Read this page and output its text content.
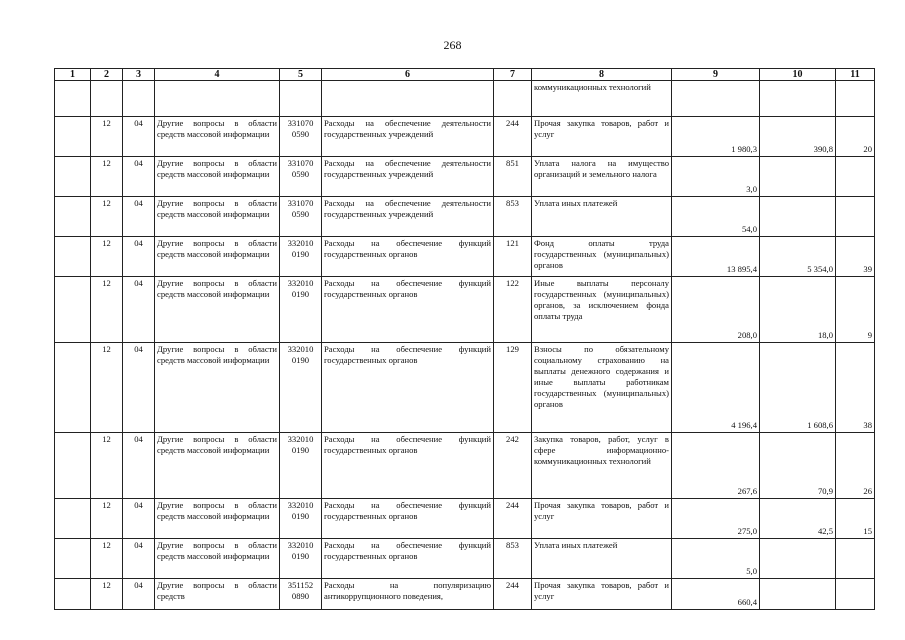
268
1	2	3	4	5	6	7	8	9	10	11
							коммуникационных технологий			
	12	04	Другие вопросы в области средств массовой информации	331070 0590	Расходы на обеспечение деятельности государственных учреждений	244	Прочая закупка товаров, работ и услуг	1 980,3	390,8	20
	12	04	Другие вопросы в области средств массовой информации	331070 0590	Расходы на обеспечение деятельности государственных учреждений	851	Уплата налога на имущество организаций и земельного налога	3,0		
	12	04	Другие вопросы в области средств массовой информации	331070 0590	Расходы на обеспечение деятельности государственных учреждений	853	Уплата иных платежей	54,0		
	12	04	Другие вопросы в области средств массовой информации	332010 0190	Расходы на обеспечение функций государственных органов	121	Фонд оплаты труда государственных (муниципальных) органов	13 895,4	5 354,0	39
	12	04	Другие вопросы в области средств массовой информации	332010 0190	Расходы на обеспечение функций государственных органов	122	Иные выплаты персоналу государственных (муниципальных) органов, за исключением фонда оплаты труда	208,0	18,0	9
	12	04	Другие вопросы в области средств массовой информации	332010 0190	Расходы на обеспечение функций государственных органов	129	Взносы по обязательному социальному страхованию на выплаты денежного содержания и иные выплаты работникам государственных (муниципальных) органов	4 196,4	1 608,6	38
	12	04	Другие вопросы в области средств массовой информации	332010 0190	Расходы на обеспечение функций государственных органов	242	Закупка товаров, работ, услуг в сфере информационно-коммуникационных технологий	267,6	70,9	26
	12	04	Другие вопросы в области средств массовой информации	332010 0190	Расходы на обеспечение функций государственных органов	244	Прочая закупка товаров, работ и услуг	275,0	42,5	15
	12	04	Другие вопросы в области средств массовой информации	332010 0190	Расходы на обеспечение функций государственных органов	853	Уплата иных платежей	5,0		
	12	04	Другие вопросы в области средств	351152 0890	Расходы на популяризацию антикоррупционного поведения,	244	Прочая закупка товаров, работ и услуг	660,4		
